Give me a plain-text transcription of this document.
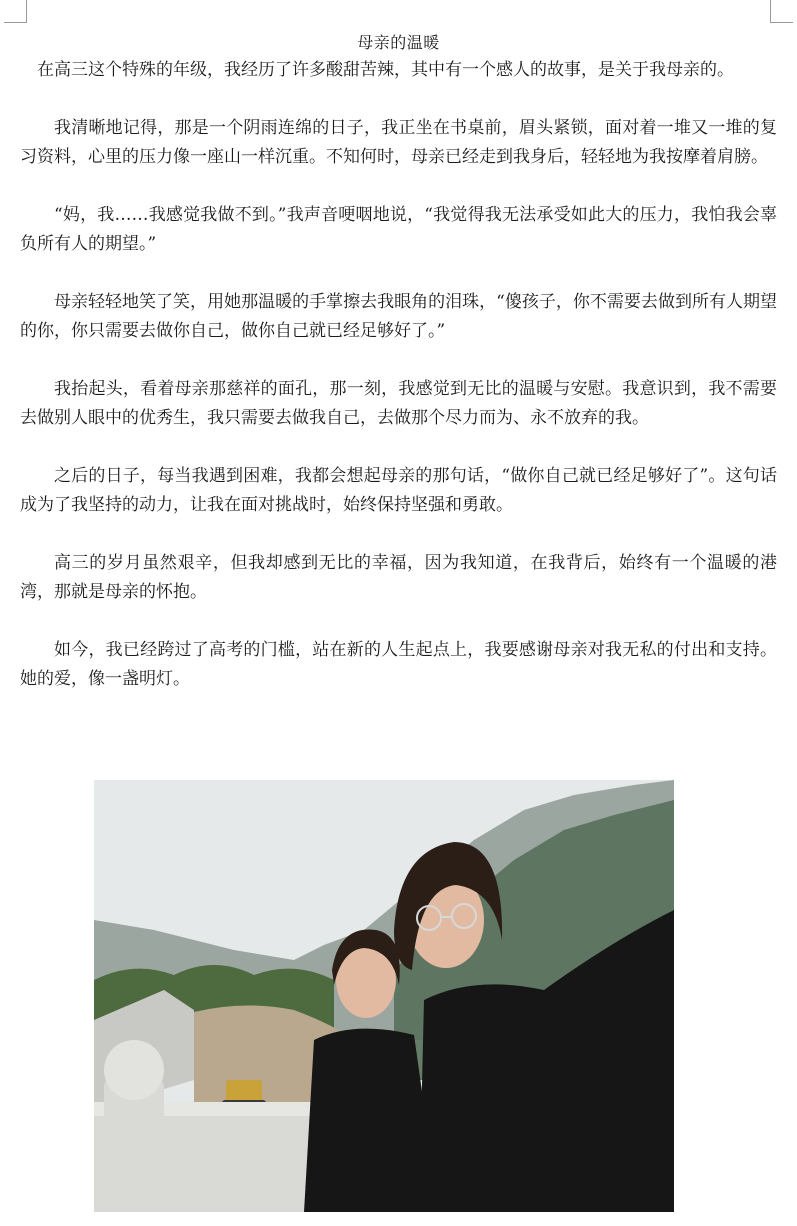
母亲的温暖

在高三这个特殊的年级，我经历了许多酸甜苦辣，其中有一个感人的故事，是关于我母亲的。

我清晰地记得，那是一个阴雨连绵的日子，我正坐在书桌前，眉头紧锁，面对着一堆又一堆的复习资料，心里的压力像一座山一样沉重。不知何时，母亲已经走到我身后，轻轻地为我按摩着肩膀。

“妈，我……我感觉我做不到。”我声音哽咽地说，“我觉得我无法承受如此大的压力，我怕我会辜负所有人的期望。”

母亲轻轻地笑了笑，用她那温暖的手掌擦去我眼角的泪珠，“傻孩子，你不需要去做到所有人期望的你，你只需要去做你自己，做你自己就已经足够好了。”

我抬起头，看着母亲那慈祥的面孔，那一刻，我感觉到无比的温暖与安慰。我意识到，我不需要去做别人眼中的优秀生，我只需要去做我自己，去做那个尽力而为、永不放弃的我。

之后的日子，每当我遇到困难，我都会想起母亲的那句话，“做你自己就已经足够好了”。这句话成为了我坚持的动力，让我在面对挑战时，始终保持坚强和勇敢。

高三的岁月虽然艰辛，但我却感到无比的幸福，因为我知道，在我背后，始终有一个温暖的港湾，那就是母亲的怀抱。

如今，我已经跨过了高考的门槛，站在新的人生起点上，我要感谢母亲对我无私的付出和支持。她的爱，像一盏明灯。
